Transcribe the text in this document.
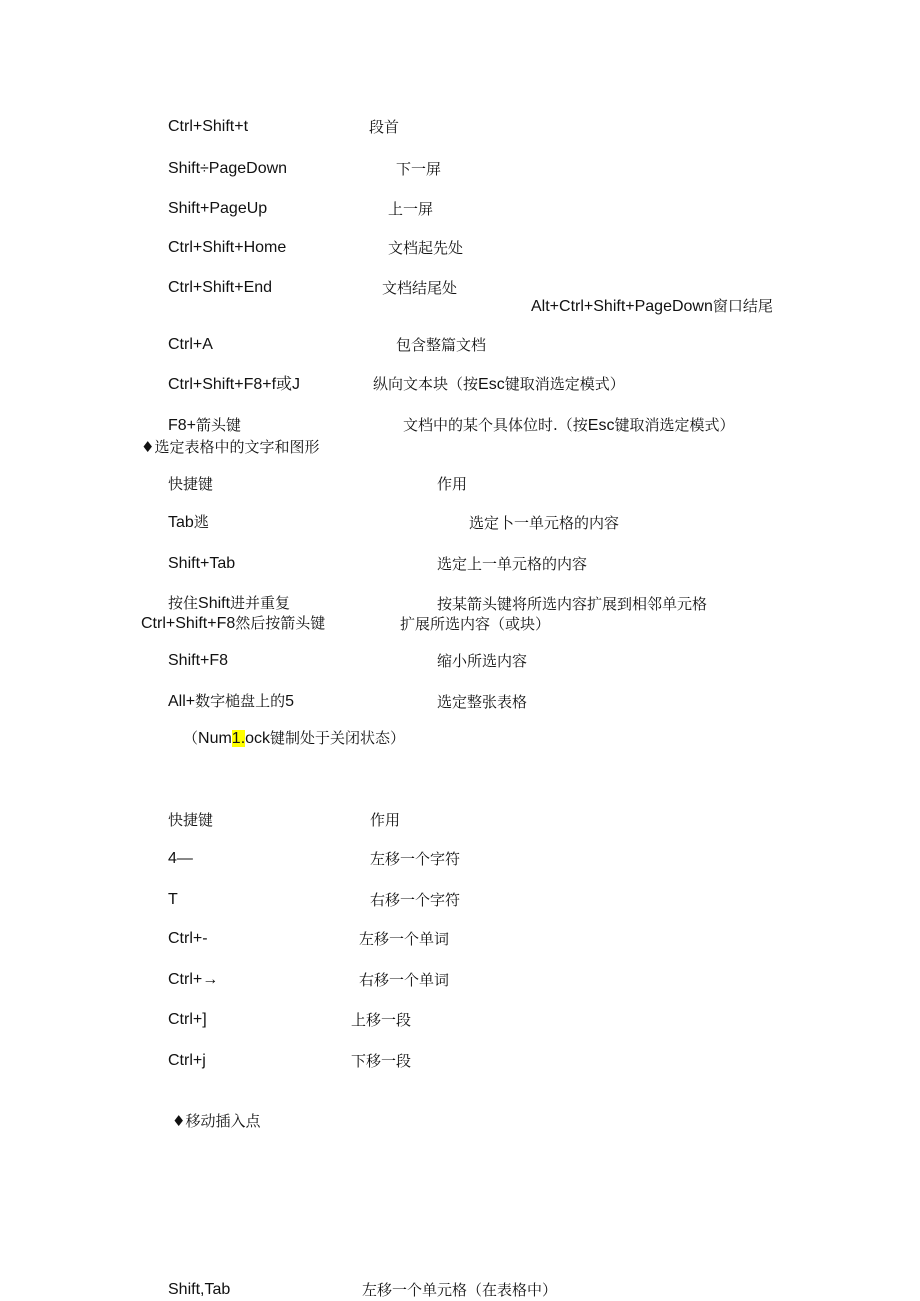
Ctrl+Shift+t	段首
Shift÷PageDown	下一屏
Shift+PageUp	上一屏
Ctrl+Shift+Home	文档起先处
Ctrl+Shift+End	文档结尾处
Alt+Ctrl+Shift+PageDown窗口结尾
Ctrl+A	包含整篇文档
Ctrl+Shift+F8+f或J	纵向文本块（按Esc键取消选定模式）
F8+箭头键	文档中的某个具体位时.（按Esc键取消选定模式）
♦选定表格中的文字和图形
快捷键	作用
Tab逃	选定卜一单元格的内容
Shift+Tab	选定上一单元格的内容
按住Shift进并重复	按某箭头键将所选内容扩展到相邻单元格
Ctrl+Shift+F8然后按箭头键	扩展所选内容（或块）
Shift+F8	缩小所选内容
All+数字槌盘上的5	选定整张表格
（Num1.ock键制处于关闭状态）
快捷键	作用
4—	左移一个字符
T	右移一个字符
Ctrl+-	左移一个单词
Ctrl+→	右移一个单词
Ctrl+]	上移一段
Ctrl+j	下移一段
♦移动插入点
Shift,Tab	左移一个单元格（在表格中）
